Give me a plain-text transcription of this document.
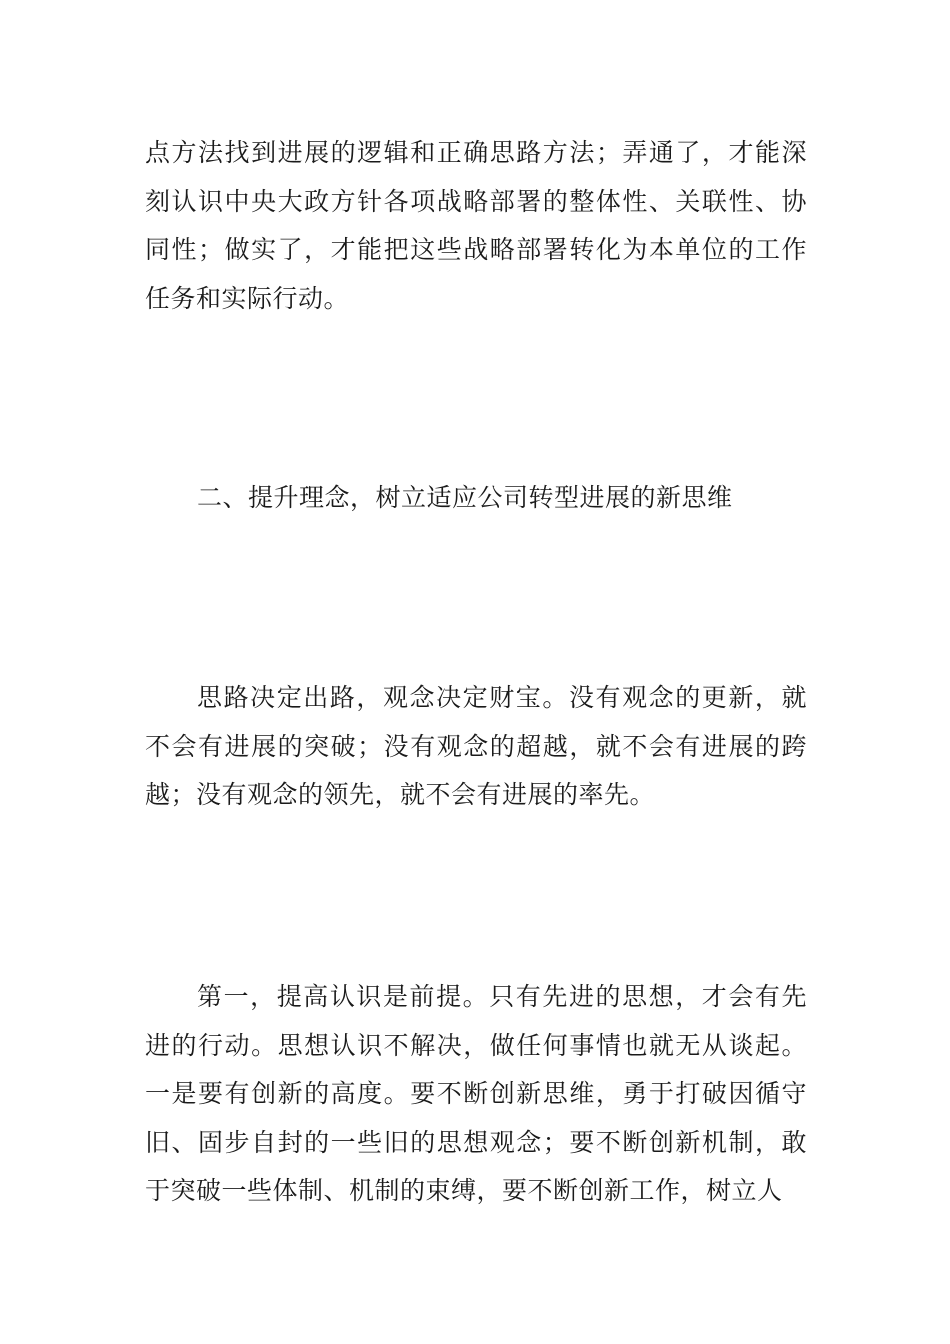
点方法找到进展的逻辑和正确思路方法；弄通了，才能深刻认识中央大政方针各项战略部署的整体性、关联性、协同性；做实了，才能把这些战略部署转化为本单位的工作任务和实际行动。

二、提升理念，树立适应公司转型进展的新思维

思路决定出路，观念决定财宝。没有观念的更新，就不会有进展的突破；没有观念的超越，就不会有进展的跨越；没有观念的领先，就不会有进展的率先。

第一，提高认识是前提。只有先进的思想，才会有先进的行动。思想认识不解决，做任何事情也就无从谈起。一是要有创新的高度。要不断创新思维，勇于打破因循守旧、固步自封的一些旧的思想观念；要不断创新机制，敢于突破一些体制、机制的束缚，要不断创新工作，树立人
